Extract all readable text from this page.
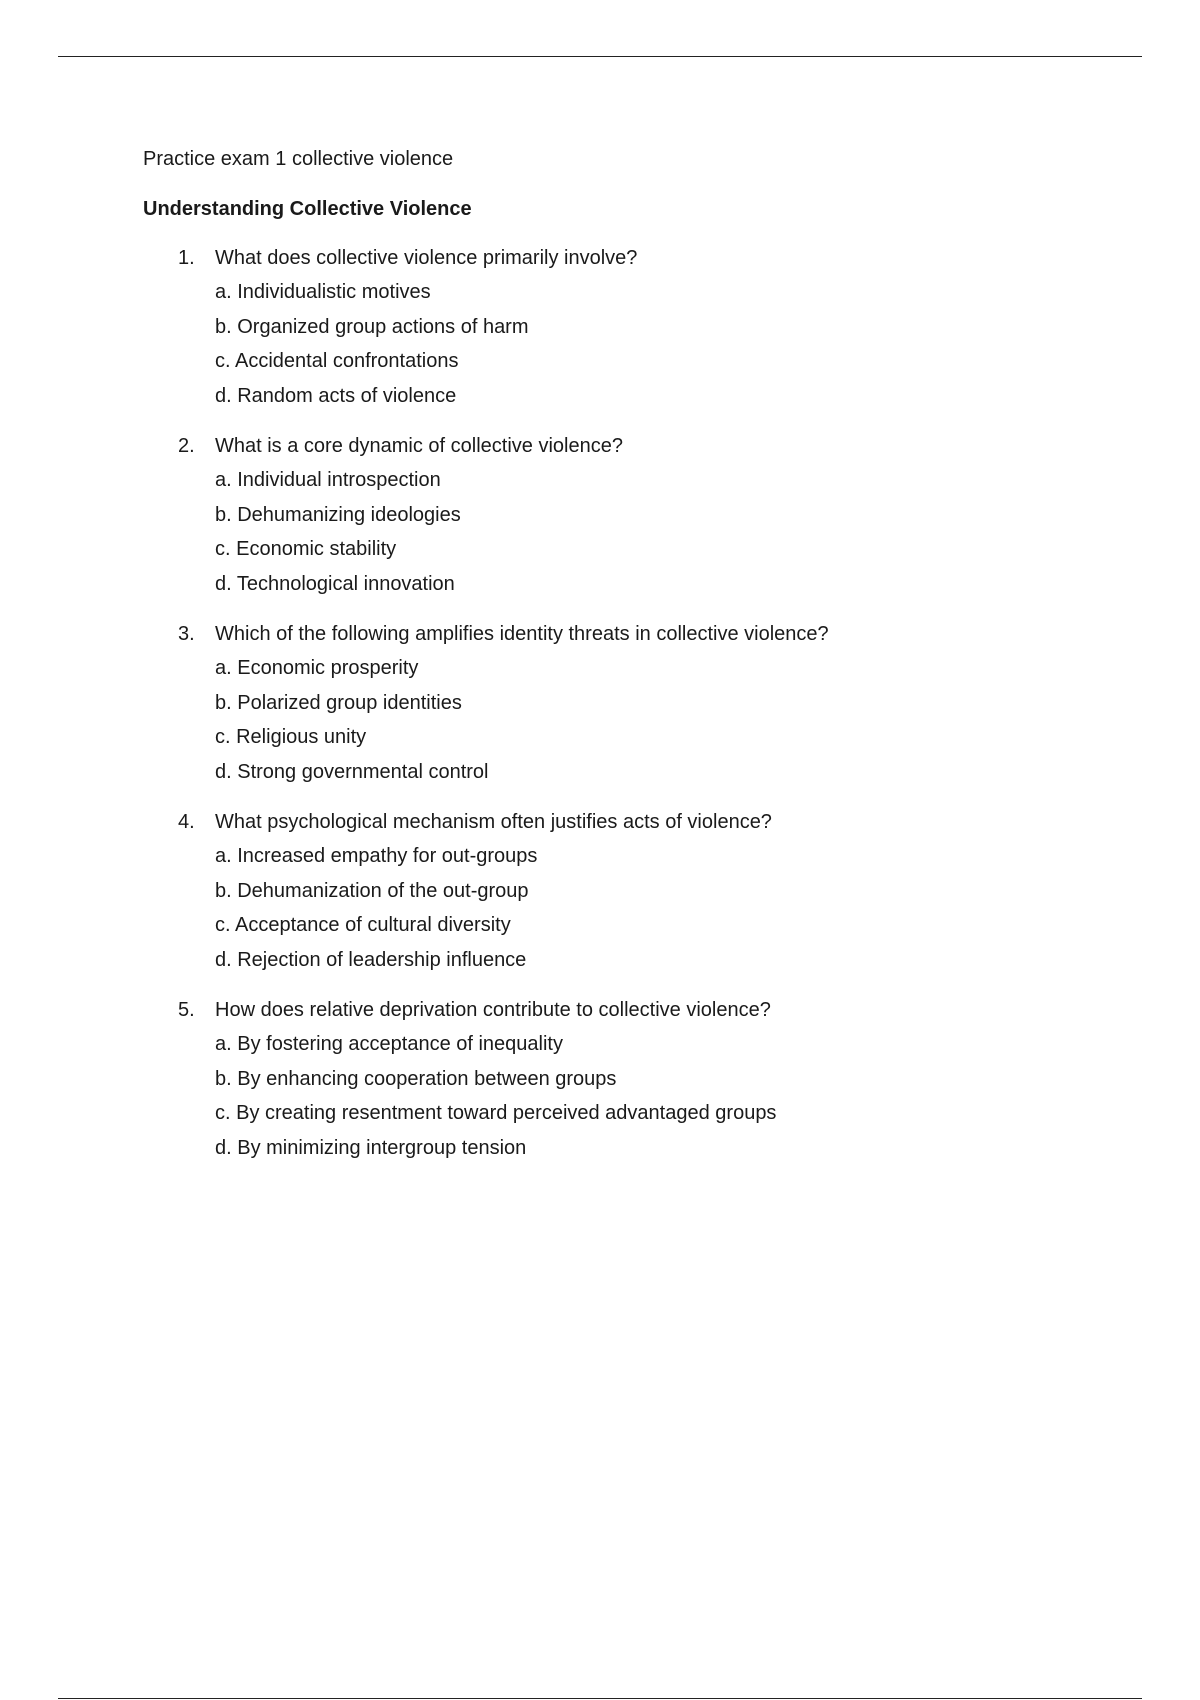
Practice exam 1 collective violence
Understanding Collective Violence
1.	What does collective violence primarily involve?
a. Individualistic motives
b. Organized group actions of harm
c. Accidental confrontations
d. Random acts of violence
2.	What is a core dynamic of collective violence?
a. Individual introspection
b. Dehumanizing ideologies
c. Economic stability
d. Technological innovation
3.	Which of the following amplifies identity threats in collective violence?
a. Economic prosperity
b. Polarized group identities
c. Religious unity
d. Strong governmental control
4.	What psychological mechanism often justifies acts of violence?
a. Increased empathy for out-groups
b. Dehumanization of the out-group
c. Acceptance of cultural diversity
d. Rejection of leadership influence
5.	How does relative deprivation contribute to collective violence?
a. By fostering acceptance of inequality
b. By enhancing cooperation between groups
c. By creating resentment toward perceived advantaged groups
d. By minimizing intergroup tension
